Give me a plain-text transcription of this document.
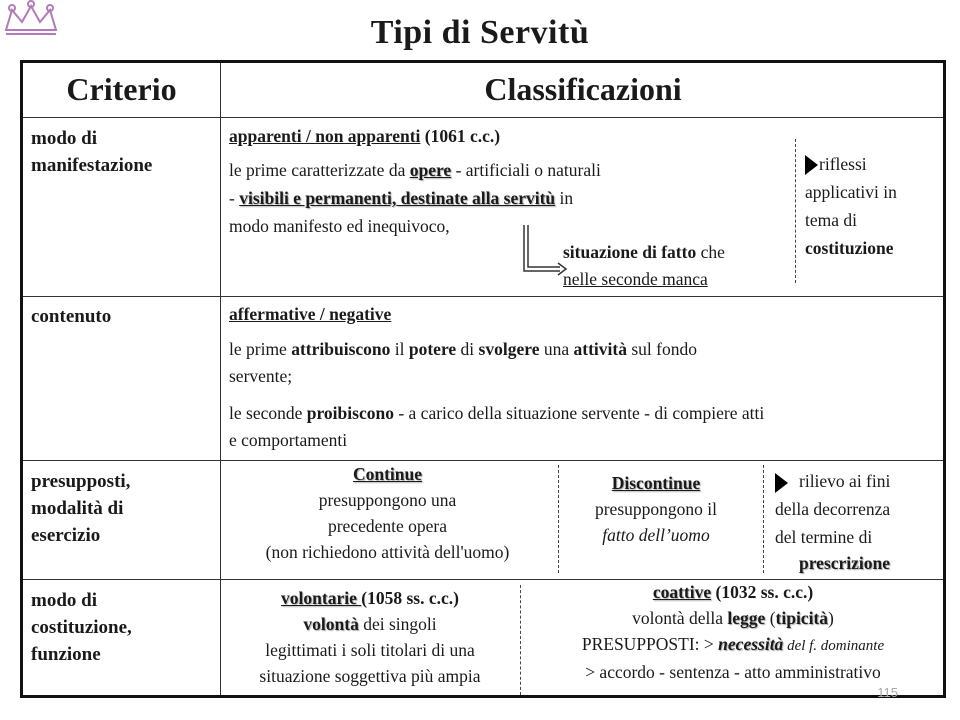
Tipi di Servitù
Criterio	Classificazioni
modo di
manifestazione
apparenti / non apparenti (1061 c.c.)
le prime caratterizzate da opere - artificiali o naturali
- visibili e permanenti, destinate alla servitù in
modo manifesto ed inequivoco,
situazione di fatto che
nelle seconde manca
riflessi
applicativi in
tema di
costituzione
contenuto	affermative / negative
le prime attribuiscono il potere di svolgere una attività sul fondo
servente;
le seconde proibiscono - a carico della situazione servente - di compiere atti
e comportamenti
presupposti,
modalità di
esercizio
Continue
presuppongono una
precedente opera
(non richiedono attività dell'uomo)
Discontinue
presuppongono il
fatto dell’uomo
rilievo ai fini
della decorrenza
del termine di
prescrizione
modo di
costituzione,
funzione
volontarie (1058 ss. c.c.)
volontà dei singoli
legittimati i soli titolari di una
situazione soggettiva più ampia
coattive (1032 ss. c.c.)
volontà della legge (tipicità)
PRESUPPOSTI: > necessità del f. dominante
> accordo - sentenza - atto amministrativo
115
